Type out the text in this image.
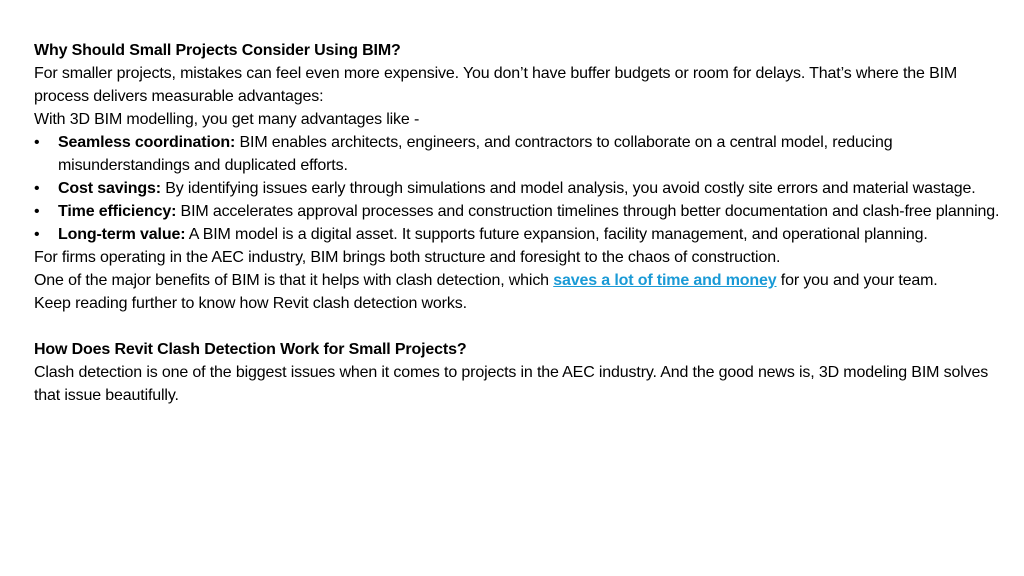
Why Should Small Projects Consider Using BIM?

For smaller projects, mistakes can feel even more expensive. You don’t have buffer budgets or room for delays. That’s where the BIM process delivers measurable advantages:

With 3D BIM modelling, you get many advantages like -

•	Seamless coordination: BIM enables architects, engineers, and contractors to collaborate on a central model, reducing misunderstandings and duplicated efforts.
•	Cost savings: By identifying issues early through simulations and model analysis, you avoid costly site errors and material wastage.
•	Time efficiency: BIM accelerates approval processes and construction timelines through better documentation and clash-free planning.
•	Long-term value: A BIM model is a digital asset. It supports future expansion, facility management, and operational planning.

For firms operating in the AEC industry, BIM brings both structure and foresight to the chaos of construction.

One of the major benefits of BIM is that it helps with clash detection, which saves a lot of time and money for you and your team.

Keep reading further to know how Revit clash detection works.

How Does Revit Clash Detection Work for Small Projects?

Clash detection is one of the biggest issues when it comes to projects in the AEC industry. And the good news is, 3D modeling BIM solves that issue beautifully.
